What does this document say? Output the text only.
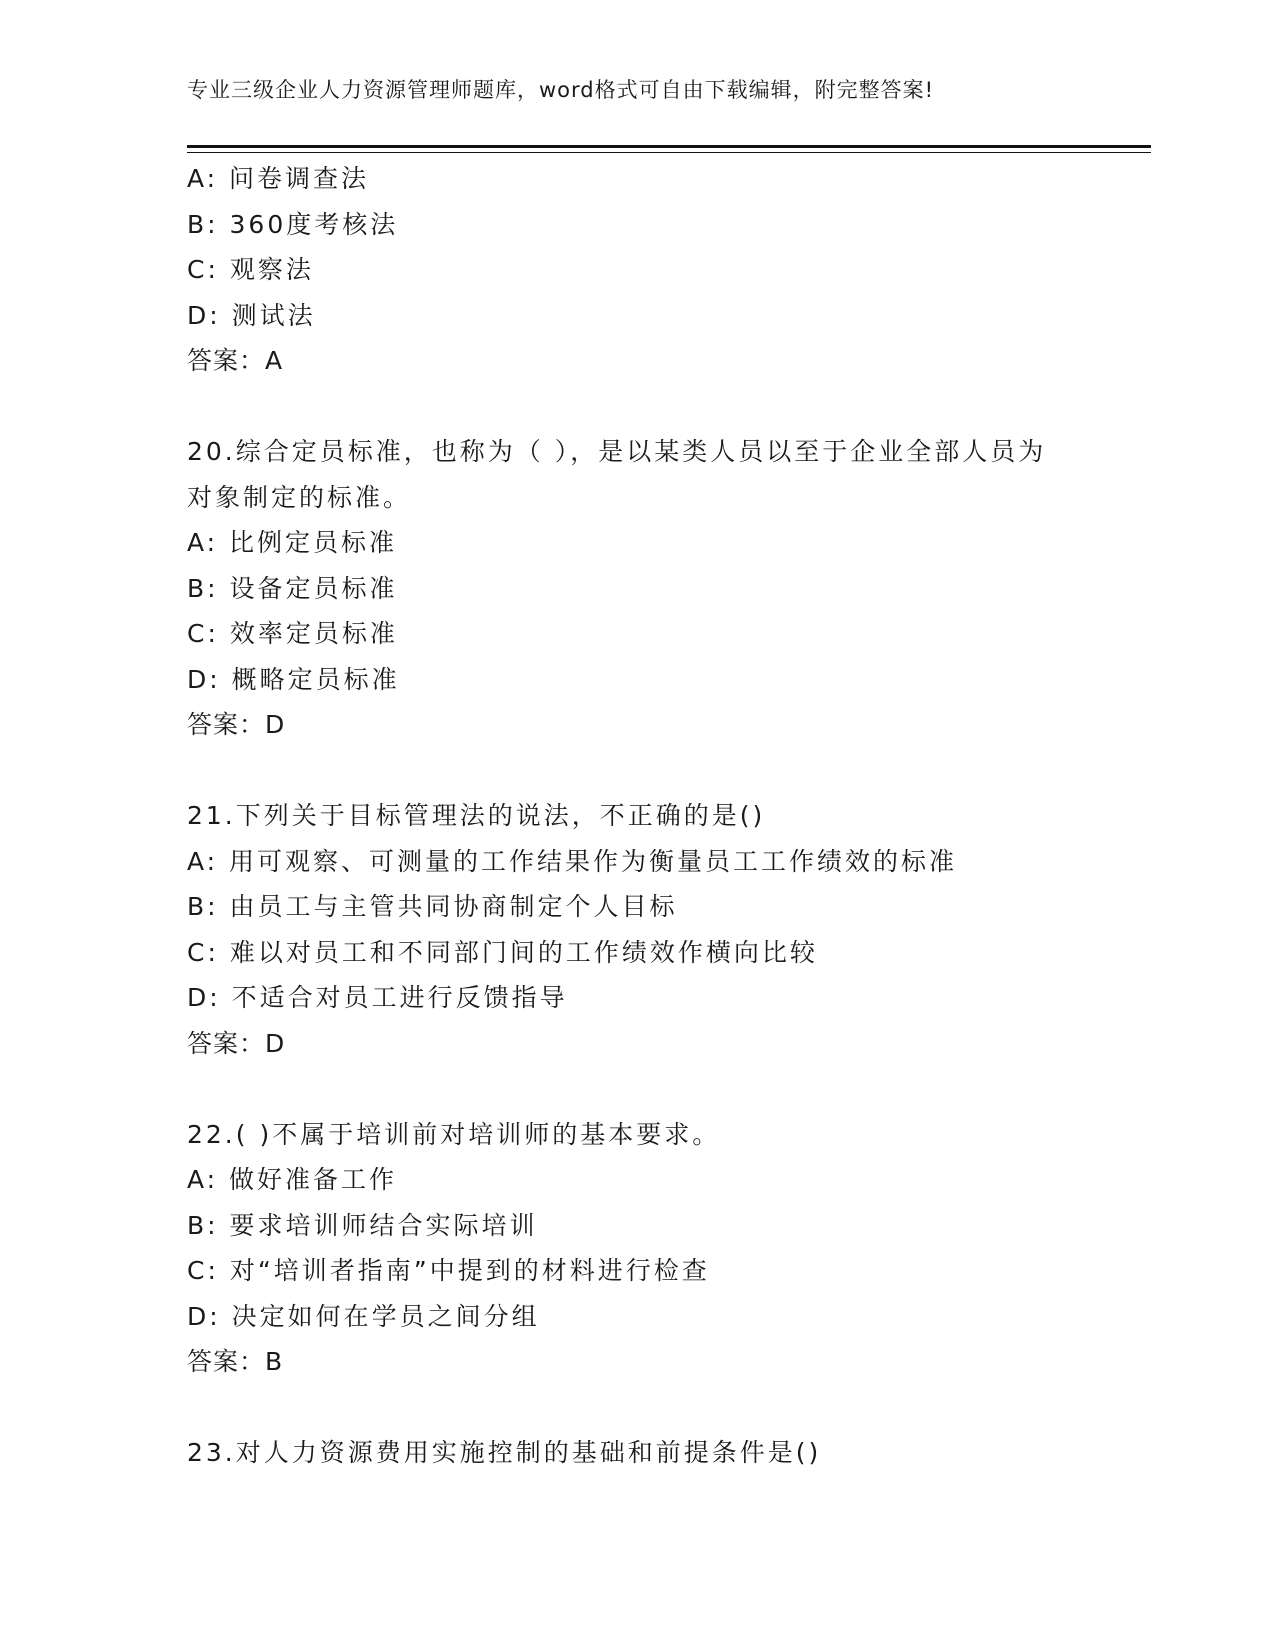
专业三级企业人力资源管理师题库，word格式可自由下载编辑，附完整答案!
A: 问卷调查法
B: 360度考核法
C: 观察法
D: 测试法
答案：A
20.综合定员标准，也称为（ ），是以某类人员以至于企业全部人员为对象制定的标准。
A: 比例定员标准
B: 设备定员标准
C: 效率定员标准
D: 概略定员标准
答案：D
21.下列关于目标管理法的说法，不正确的是()
A: 用可观察、可测量的工作结果作为衡量员工工作绩效的标准
B: 由员工与主管共同协商制定个人目标
C: 难以对员工和不同部门间的工作绩效作横向比较
D: 不适合对员工进行反馈指导
答案：D
22.( )不属于培训前对培训师的基本要求。
A: 做好准备工作
B: 要求培训师结合实际培训
C: 对“培训者指南”中提到的材料进行检查
D: 决定如何在学员之间分组
答案：B
23.对人力资源费用实施控制的基础和前提条件是()
